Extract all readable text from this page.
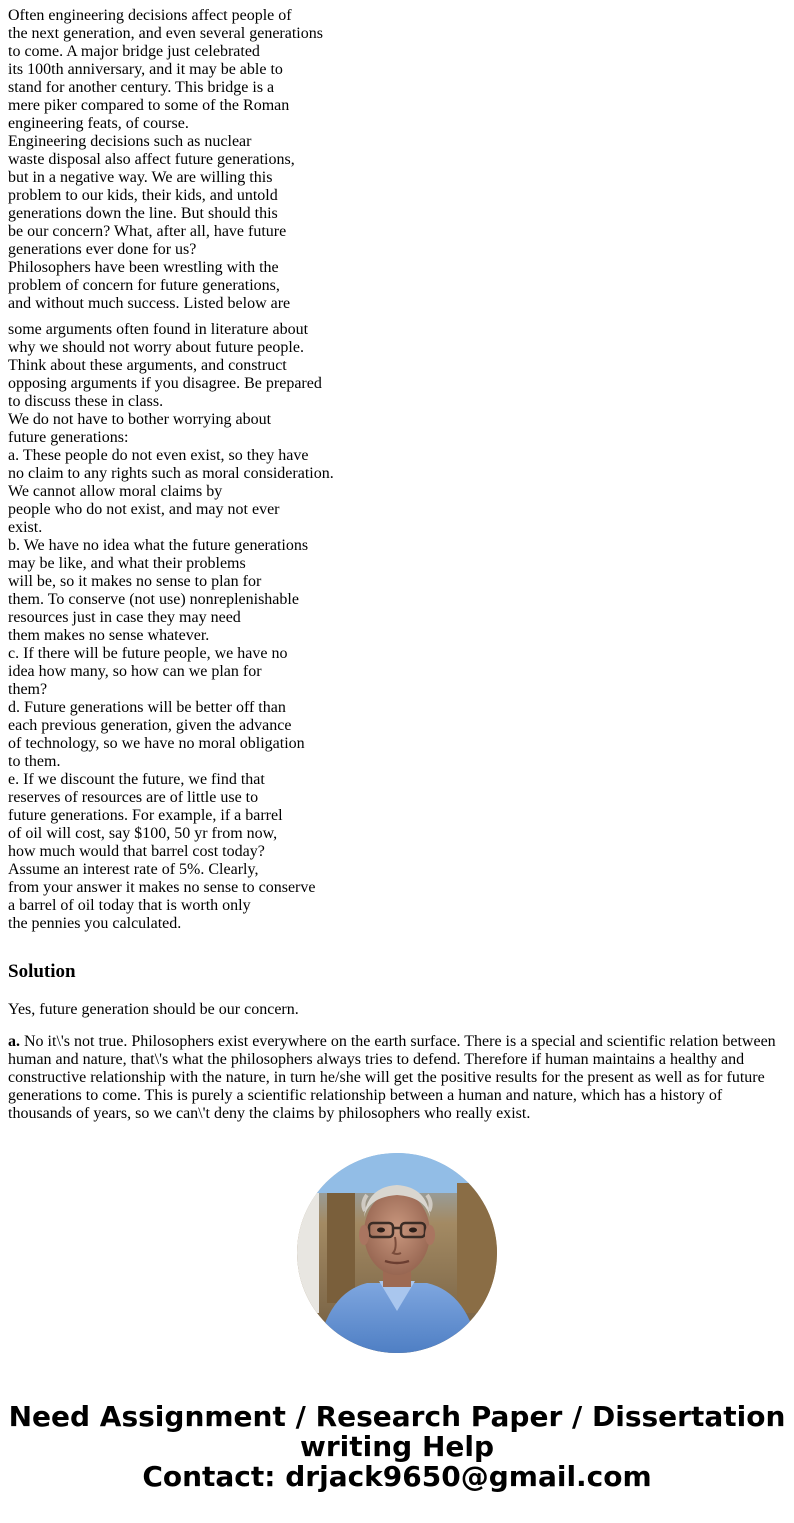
Often engineering decisions affect people of
the next generation, and even several generations
to come. A major bridge just celebrated
its 100th anniversary, and it may be able to
stand for another century. This bridge is a
mere piker compared to some of the Roman
engineering feats, of course.
Engineering decisions such as nuclear
waste disposal also affect future generations,
but in a negative way. We are willing this
problem to our kids, their kids, and untold
generations down the line. But should this
be our concern? What, after all, have future
generations ever done for us?
Philosophers have been wrestling with the
problem of concern for future generations,
and without much success. Listed below are
some arguments often found in literature about
why we should not worry about future people.
Think about these arguments, and construct
opposing arguments if you disagree. Be prepared
to discuss these in class.
We do not have to bother worrying about
future generations:
a. These people do not even exist, so they have
no claim to any rights such as moral consideration.
We cannot allow moral claims by
people who do not exist, and may not ever
exist.
b. We have no idea what the future generations
may be like, and what their problems
will be, so it makes no sense to plan for
them. To conserve (not use) nonreplenishable
resources just in case they may need
them makes no sense whatever.
c. If there will be future people, we have no
idea how many, so how can we plan for
them?
d. Future generations will be better off than
each previous generation, given the advance
of technology, so we have no moral obligation
to them.
e. If we discount the future, we find that
reserves of resources are of little use to
future generations. For example, if a barrel
of oil will cost, say $100, 50 yr from now,
how much would that barrel cost today?
Assume an interest rate of 5%. Clearly,
from your answer it makes no sense to conserve
a barrel of oil today that is worth only
the pennies you calculated.
Solution

Yes, future generation should be our concern.

a. No it\'s not true. Philosophers exist everywhere on the earth surface. There is a special and scientific relation between human and nature, that\'s what the philosophers always tries to defend. Therefore if human maintains a healthy and constructive relationship with the nature, in turn he/she will get the positive results for the present as well as for future generations to come. This is purely a scientific relationship between a human and nature, which has a history of thousands of years, so we can\'t deny the claims by philosophers who really exist.

Need Assignment / Research Paper / Dissertation
writing Help
Contact: drjack9650@gmail.com
